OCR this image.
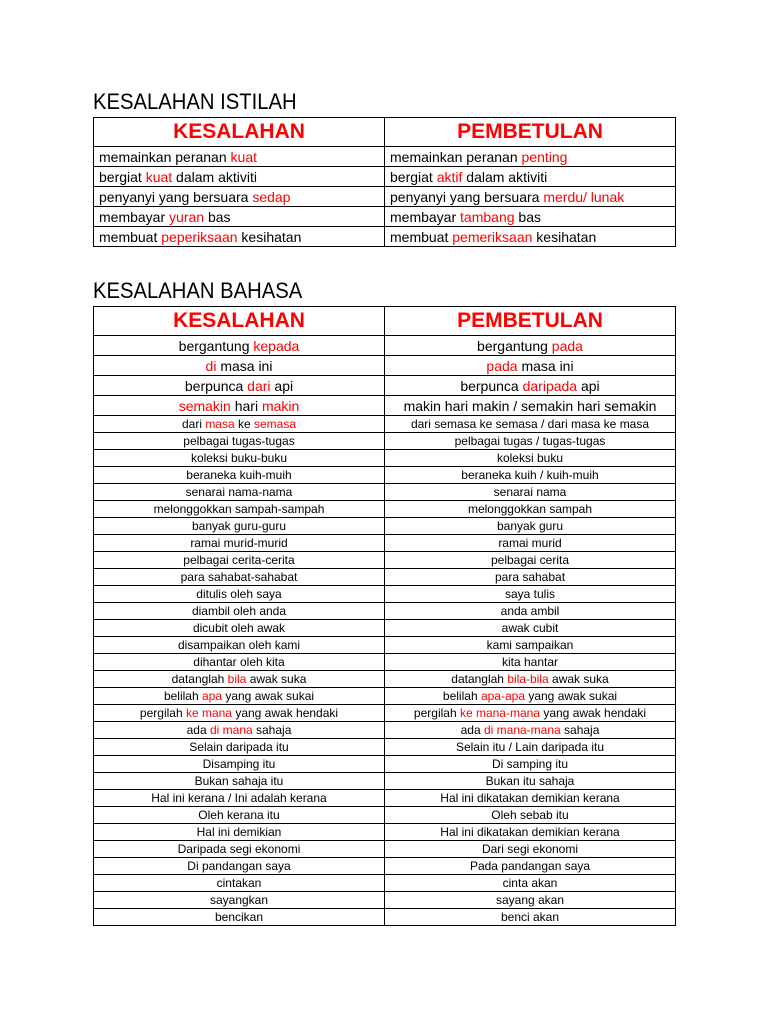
KESALAHAN ISTILAH
KESALAHAN	PEMBETULAN
memainkan peranan kuat	memainkan peranan penting
bergiat kuat dalam aktiviti	bergiat aktif dalam aktiviti
penyanyi yang bersuara sedap	penyanyi yang bersuara merdu/ lunak
membayar yuran bas	membayar tambang bas
membuat peperiksaan kesihatan	membuat pemeriksaan kesihatan
KESALAHAN BAHASA
KESALAHAN	PEMBETULAN
bergantung kepada	bergantung pada
di masa ini	pada masa ini
berpunca dari api	berpunca daripada api
semakin hari makin	makin hari makin / semakin hari semakin
dari masa ke semasa	dari semasa ke semasa / dari masa ke masa
pelbagai tugas-tugas	pelbagai tugas / tugas-tugas
koleksi buku-buku	koleksi buku
beraneka kuih-muih	beraneka kuih / kuih-muih
senarai nama-nama	senarai nama
melonggokkan sampah-sampah	melonggokkan sampah
banyak guru-guru	banyak guru
ramai murid-murid	ramai murid
pelbagai cerita-cerita	pelbagai cerita
para sahabat-sahabat	para sahabat
ditulis oleh saya	saya tulis
diambil oleh anda	anda ambil
dicubit oleh awak	awak cubit
disampaikan oleh kami	kami sampaikan
dihantar oleh kita	kita hantar
datanglah bila awak suka	datanglah bila-bila awak suka
belilah apa yang awak sukai	belilah apa-apa yang awak sukai
pergilah ke mana yang awak hendaki	pergilah ke mana-mana yang awak hendaki
ada di mana sahaja	ada di mana-mana sahaja
Selain daripada itu	Selain itu / Lain daripada itu
Disamping itu	Di samping itu
Bukan sahaja itu	Bukan itu sahaja
Hal ini kerana / Ini adalah kerana	Hal ini dikatakan demikian kerana
Oleh kerana itu	Oleh sebab itu
Hal ini demikian	Hal ini dikatakan demikian kerana
Daripada segi ekonomi	Dari segi ekonomi
Di pandangan saya	Pada pandangan saya
cintakan	cinta akan
sayangkan	sayang akan
bencikan	benci akan
